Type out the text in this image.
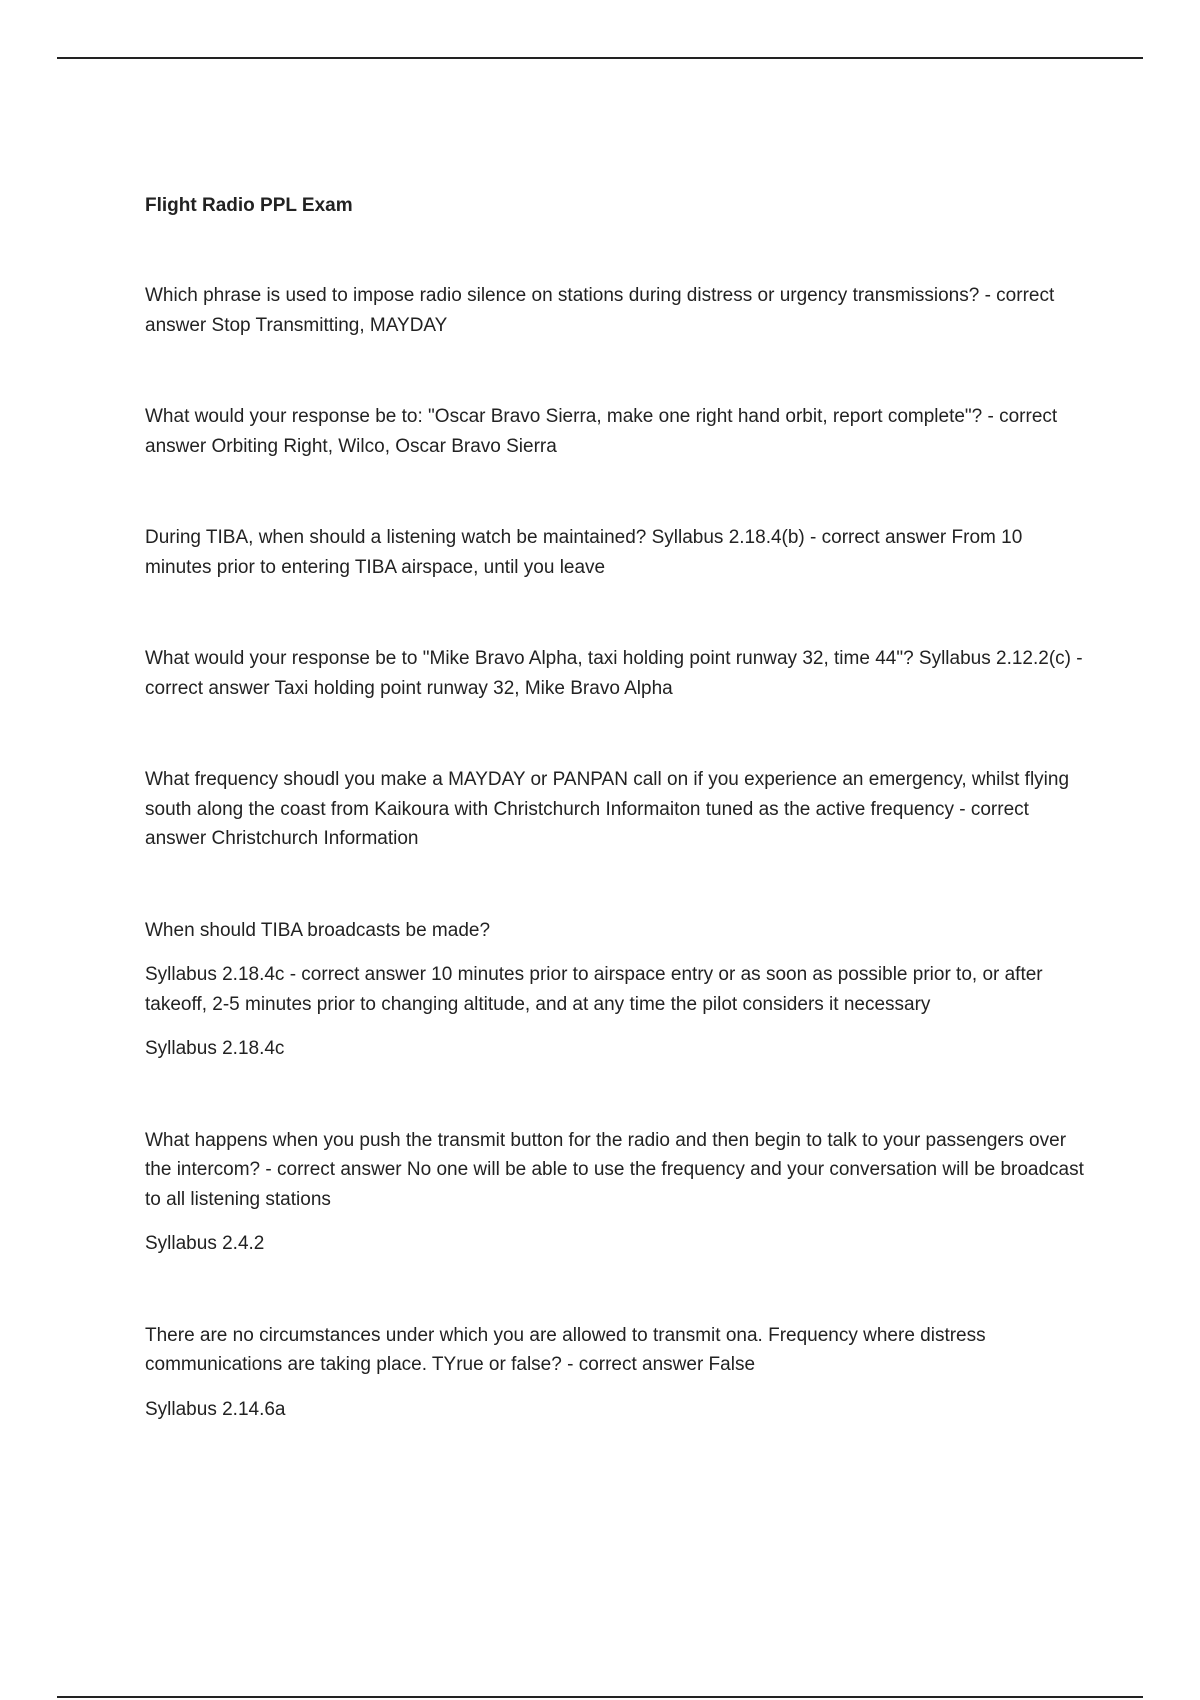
Flight Radio PPL Exam

Which phrase is used to impose radio silence on stations during distress or urgency transmissions? - correct answer Stop Transmitting, MAYDAY

What would your response be to: "Oscar Bravo Sierra, make one right hand orbit, report complete"? - correct answer Orbiting Right, Wilco, Oscar Bravo Sierra

During TIBA, when should a listening watch be maintained? Syllabus 2.18.4(b) - correct answer From 10 minutes prior to entering TIBA airspace, until you leave

What would your response be to "Mike Bravo Alpha, taxi holding point runway 32, time 44"? Syllabus 2.12.2(c) - correct answer Taxi holding point runway 32, Mike Bravo Alpha

What frequency shoudl you make a MAYDAY or PANPAN call on if you experience an emergency, whilst flying south along the coast from Kaikoura with Christchurch Informaiton tuned as the active frequency - correct answer Christchurch Information

When should TIBA broadcasts be made?

Syllabus 2.18.4c - correct answer 10 minutes prior to airspace entry or as soon as possible prior to, or after takeoff, 2-5 minutes prior to changing altitude, and at any time the pilot considers it necessary

Syllabus 2.18.4c

What happens when you push the transmit button for the radio and then begin to talk to your passengers over the intercom? - correct answer No one will be able to use the frequency and your conversation will be broadcast to all listening stations

Syllabus 2.4.2

There are no circumstances under which you are allowed to transmit ona. Frequency where distress communications are taking place. TYrue or false? - correct answer False

Syllabus 2.14.6a
